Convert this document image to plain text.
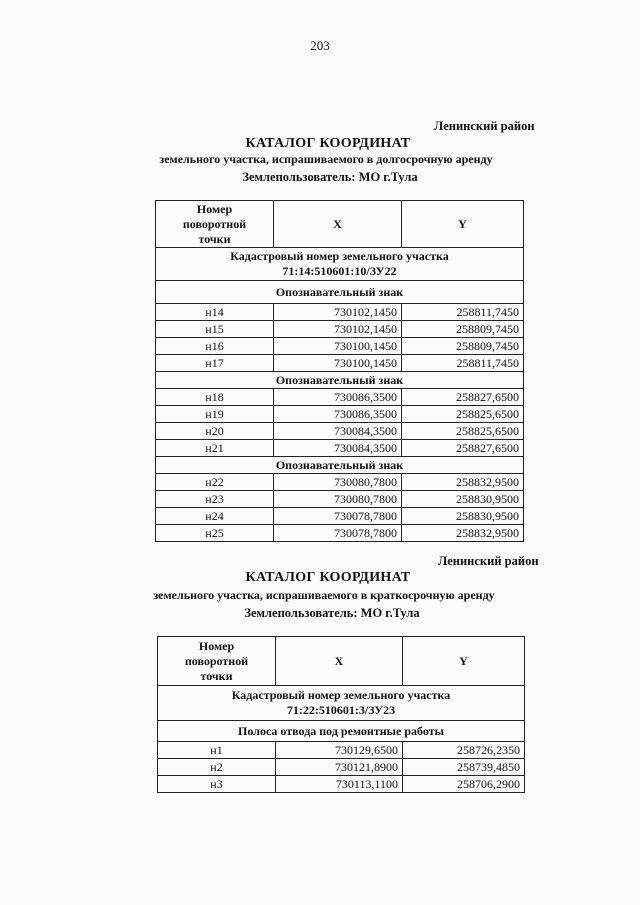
203
Ленинский район
КАТАЛОГ КООРДИНАТ
земельного участка, испрашиваемого в долгосрочную аренду
Землепользователь: МО г.Тула
Номер поворотной точки	X	Y

Кадастровый номер земельного участка
71:14:510601:10/ЗУ22		

Опознавательный знак		
н14	730102,1450	258811,7450
н15	730102,1450	258809,7450
н16	730100,1450	258809,7450
н17	730100,1450	258811,7450
Опознавательный знак		
н18	730086,3500	258827,6500
н19	730086,3500	258825,6500
н20	730084,3500	258825,6500
н21	730084,3500	258827,6500
Опознавательный знак		
н22	730080,7800	258832,9500
н23	730080,7800	258830,9500
н24	730078,7800	258830,9500
н25	730078,7800	258832,9500
Ленинский район
КАТАЛОГ КООРДИНАТ
земельного участка, испрашиваемого в краткосрочную аренду
Землепользователь: МО г.Тула
Номер поворотной точки	X	Y

Кадастровый номер земельного участка
71:22:510601:3/ЗУ23		

Полоса отвода под ремонтные работы		
н1	730129,6500	258726,2350
н2	730121,8900	258739,4850
н3	730113,1100	258706,2900
